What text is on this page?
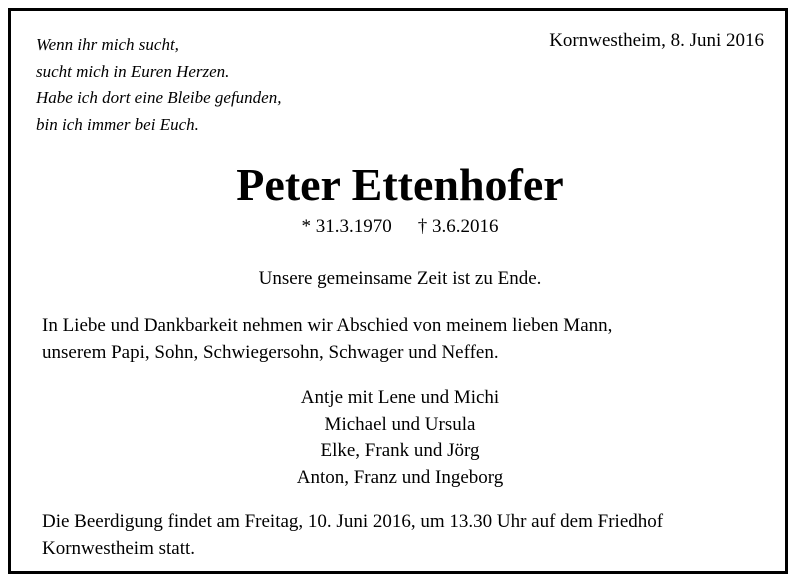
Wenn ihr mich sucht,
sucht mich in Euren Herzen.
Habe ich dort eine Bleibe gefunden,
bin ich immer bei Euch.
Kornwestheim, 8. Juni 2016
Peter Ettenhofer
* 31.3.1970 † 3.6.2016
Unsere gemeinsame Zeit ist zu Ende.
In Liebe und Dankbarkeit nehmen wir Abschied von meinem lieben Mann,
unserem Papi, Sohn, Schwiegersohn, Schwager und Neffen.
Antje mit Lene und Michi
Michael und Ursula
Elke, Frank und Jörg
Anton, Franz und Ingeborg
Die Beerdigung findet am Freitag, 10. Juni 2016, um 13.30 Uhr auf dem Friedhof
Kornwestheim statt.
